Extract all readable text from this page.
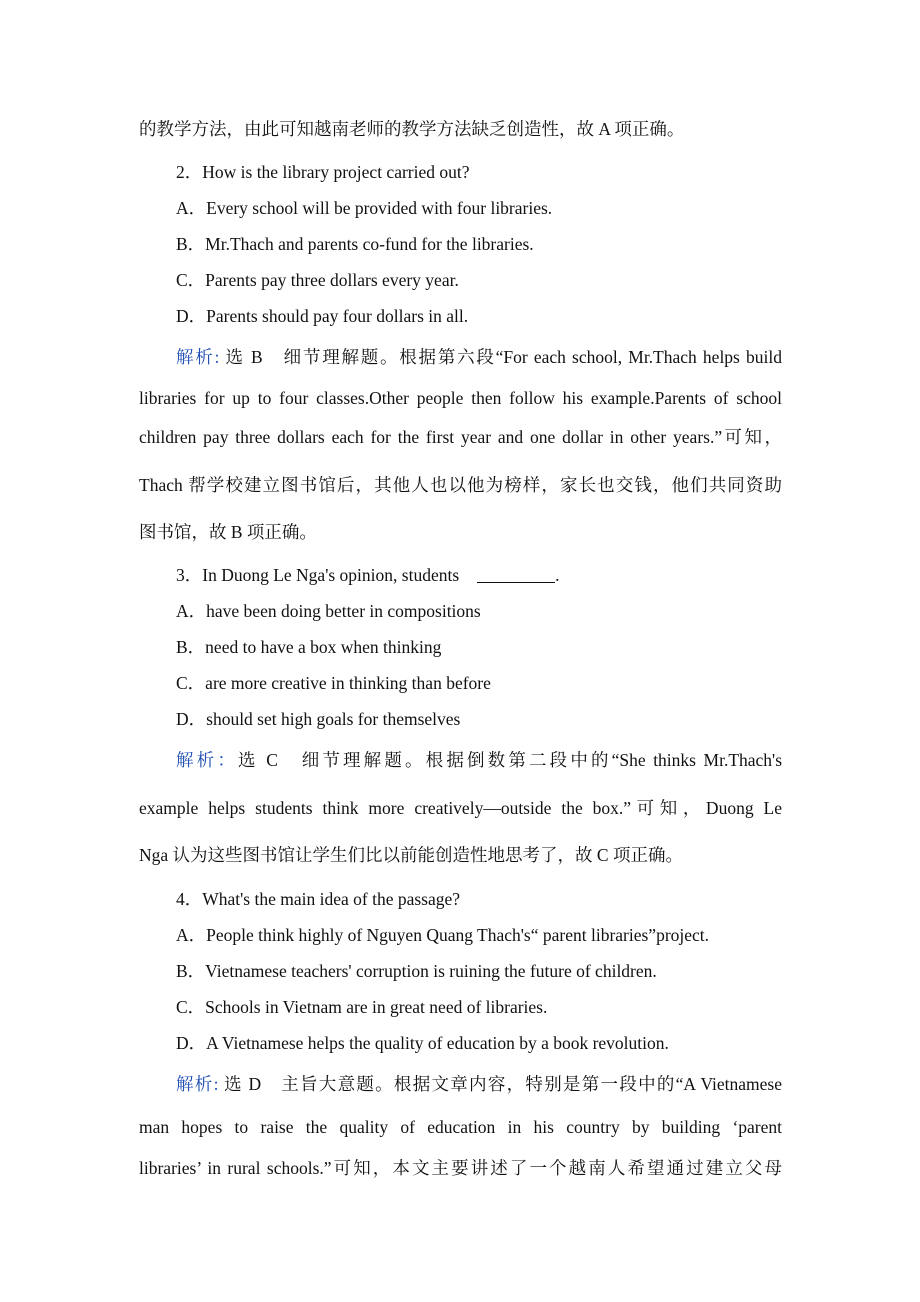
的教学方法，由此可知越南老师的教学方法缺乏创造性，故 A 项正确。
2．How is the library project carried out?
A．Every school will be provided with four libraries.
B．Mr.Thach and parents co-fund for the libraries.
C．Parents pay three dollars every year.
D．Parents should pay four dollars in all.
解析: 选 B　细节理解题。根据第六段“For each school, Mr.Thach helps build
libraries for up to four classes.Other people then follow his example.Parents of school
children pay three dollars each for the first year and one dollar in other years.”可知，
Thach 帮学校建立图书馆后，其他人也以他为榜样，家长也交钱，他们共同资助
图书馆，故 B 项正确。
3．In Duong Le Nga's opinion, students	.
A．have been doing better in compositions
B．need to have a box when thinking
C．are more creative in thinking than before
D．should set high goals for themselves
解析：选 C　细节理解题。根据倒数第二段中的“She thinks Mr.Thach's
example helps students think more creatively—outside the box.”可知，Duong Le
Nga 认为这些图书馆让学生们比以前能创造性地思考了，故 C 项正确。
4．What's the main idea of the passage?
A．People think highly of Nguyen Quang Thach's“ parent libraries”project.
B．Vietnamese teachers' corruption is ruining the future of children.
C．Schools in Vietnam are in great need of libraries.
D．A Vietnamese helps the quality of education by a book revolution.
解析: 选 D　主旨大意题。根据文章内容，特别是第一段中的“A Vietnamese
man hopes to raise the quality of education in his country by building ‘parent
libraries’ in rural schools.”可知，本文主要讲述了一个越南人希望通过建立父母
